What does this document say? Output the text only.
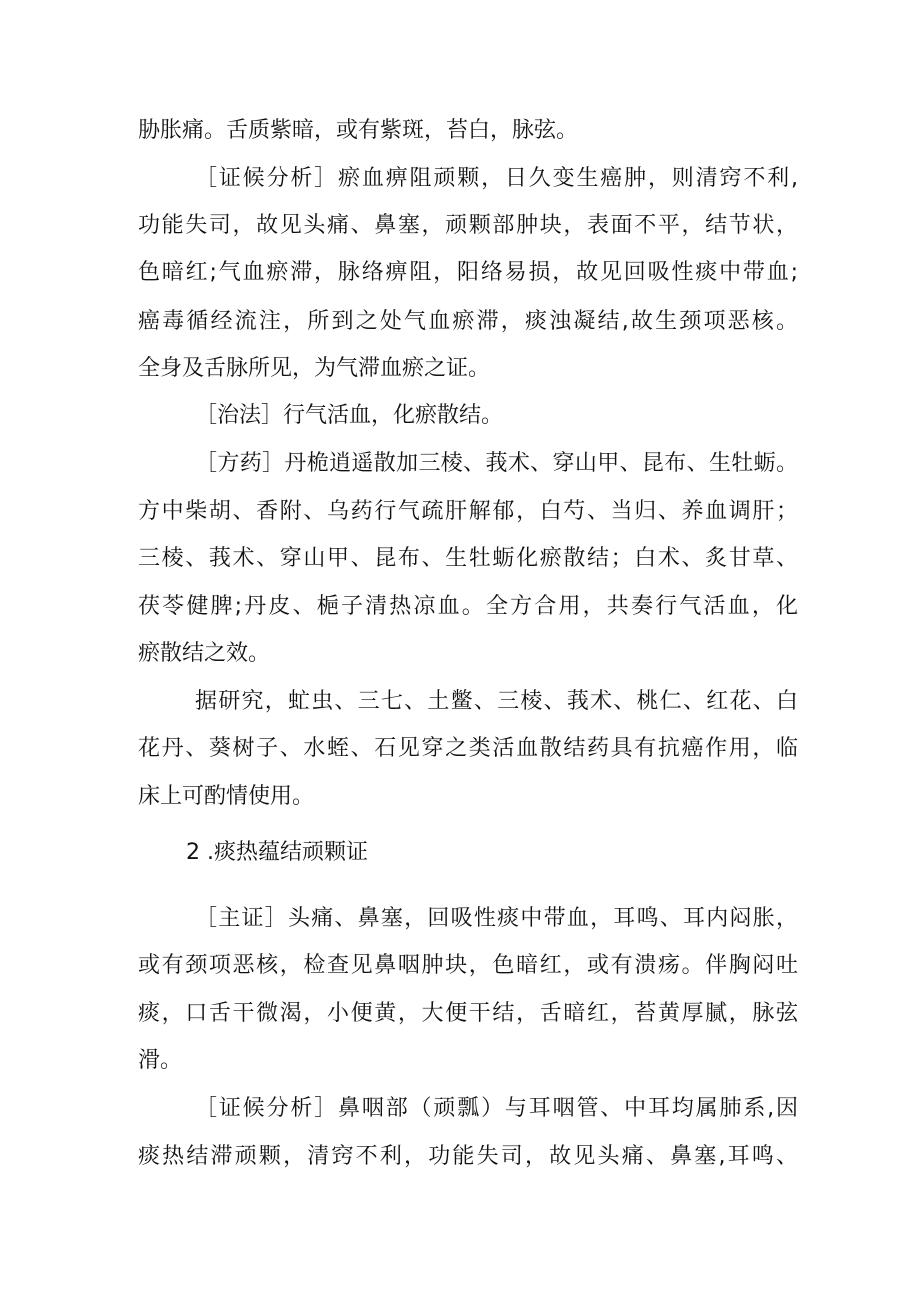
胁胀痛。舌质紫暗，或有紫斑，苔白，脉弦。
［证候分析］瘀血痹阻顽颗，日久变生癌肿，则清窍不利,
功能失司，故见头痛、鼻塞，顽颗部肿块，表面不平，结节状，
色暗红;气血瘀滞，脉络痹阻，阳络易损，故见回吸性痰中带血;
癌毒循经流注，所到之处气血瘀滞，痰浊凝结,故生颈项恶核。
全身及舌脉所见，为气滞血瘀之证。
［治法］行气活血，化瘀散结。
［方药］丹桅逍遥散加三棱、莪术、穿山甲、昆布、生牡蛎。
方中柴胡、香附、乌药行气疏肝解郁，白芍、当归、养血调肝；
三棱、莪术、穿山甲、昆布、生牡蛎化瘀散结；白术、炙甘草、
茯苓健脾;丹皮、梔子清热凉血。全方合用，共奏行气活血，化
瘀散结之效。
据研究，虻虫、三七、土鳖、三棱、莪术、桃仁、红花、白
花丹、葵树子、水蛭、石见穿之类活血散结药具有抗癌作用，临
床上可酌情使用。
2 .痰热蕴结顽颗证
［主证］头痛、鼻塞，回吸性痰中带血，耳鸣、耳内闷胀，
或有颈项恶核，检查见鼻咽肿块，色暗红，或有溃疡。伴胸闷吐
痰，口舌干微渴，小便黄，大便干结，舌暗红，苔黄厚腻，脉弦
滑。
［证候分析］鼻咽部（顽瓢）与耳咽管、中耳均属肺系,因
痰热结滞顽颗，清窍不利，功能失司，故见头痛、鼻塞,耳鸣、
